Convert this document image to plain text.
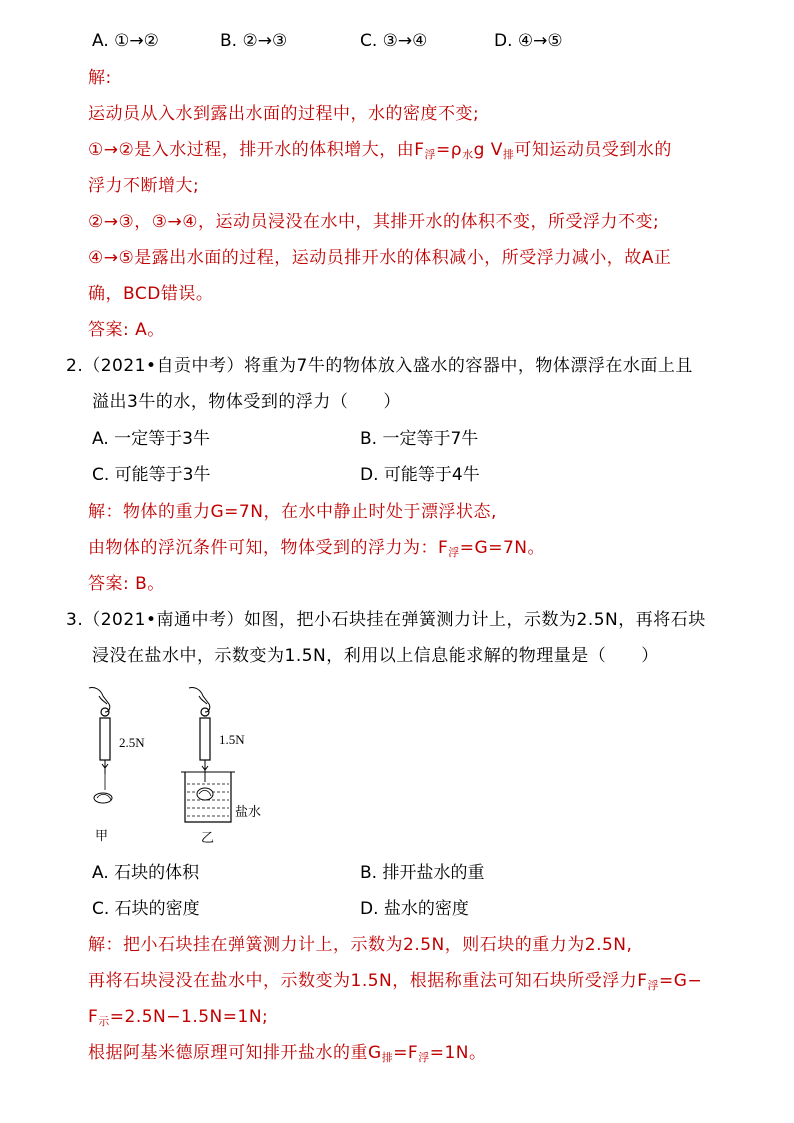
A. ①→②	B. ②→③	C. ③→④	D. ④→⑤
解:
运动员从入水到露出水面的过程中，水的密度不变;
①→②是入水过程，排开水的体积增大，由$F_浮=\rho_水g$ $V_排$可知运动员受到水的
浮力不断增大;
②→③，③→④，运动员浸没在水中，其排开水的体积不变，所受浮力不变;
④→⑤是露出水面的过程，运动员排开水的体积减小，所受浮力减小，故A正
确，BCD错误。
答案: A。
2.（2021•自贡中考）将重为7牛的物体放入盛水的容器中，物体漂浮在水面上且
溢出3牛的水，物体受到的浮力（　　）
A. 一定等于3牛	B. 一定等于7牛
C. 可能等于3牛	D. 可能等于4牛
解：物体的重力G=7N，在水中静止时处于漂浮状态,
由物体的浮沉条件可知，物体受到的浮力为：$F_浮=G=7N$。
答案: B。
3.（2021•南通中考）如图，把小石块挂在弹簧测力计上，示数为2.5N，再将石块
浸没在盐水中，示数变为1.5N，利用以上信息能求解的物理量是（　　）
2.5N
甲
1.5N
盐水
乙
A. 石块的体积	B. 排开盐水的重
C. 石块的密度	D. 盐水的密度
解：把小石块挂在弹簧测力计上，示数为2.5N，则石块的重力为2.5N,
再将石块浸没在盐水中，示数变为1.5N，根据称重法可知石块所受浮力$F_浮=G-$
$F_示=2.5N-1.5N=1N$;
根据阿基米德原理可知排开盐水的重$G_排=F_浮=1N$。
